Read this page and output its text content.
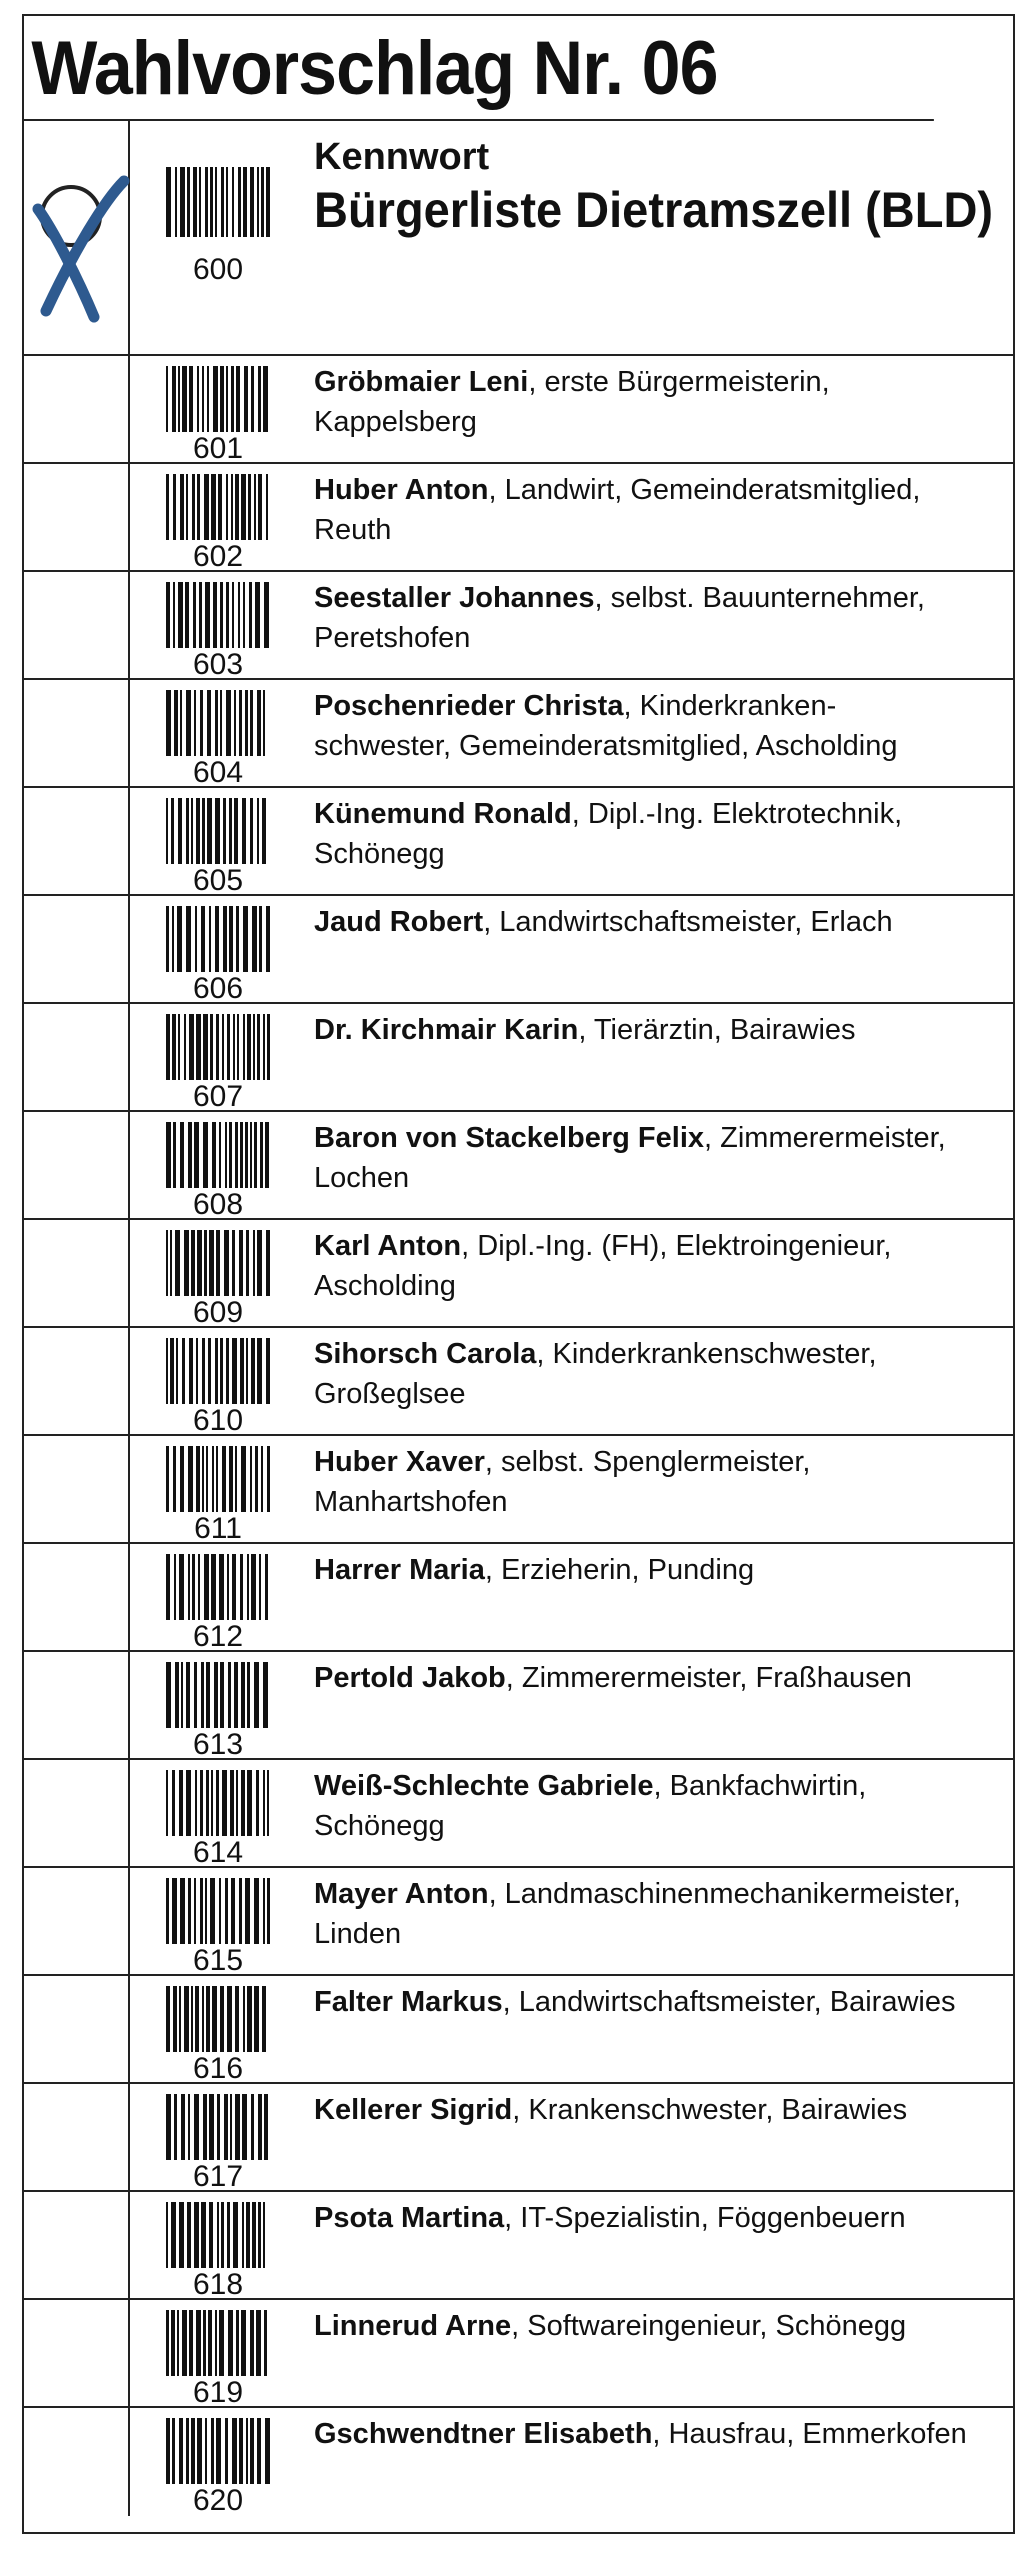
Wahlvorschlag Nr. 06
600
Kennwort
Bürgerliste Dietramszell (BLD)
601
Gröbmaier Leni, erste Bürgermeisterin,
Kappelsberg
602
Huber Anton, Landwirt, Gemeinderatsmitglied,
Reuth
603
Seestaller Johannes, selbst. Bauunternehmer,
Peretshofen
604
Poschenrieder Christa, Kinderkranken-
schwester, Gemeinderatsmitglied, Ascholding
605
Künemund Ronald, Dipl.-Ing. Elektrotechnik,
Schönegg
606
Jaud Robert, Landwirtschaftsmeister, Erlach

607
Dr. Kirchmair Karin, Tierärztin, Bairawies

608
Baron von Stackelberg Felix, Zimmerermeister,
Lochen
609
Karl Anton, Dipl.-Ing. (FH), Elektroingenieur,
Ascholding
610
Sihorsch Carola, Kinderkrankenschwester,
Großeglsee
611
Huber Xaver, selbst. Spenglermeister,
Manhartshofen
612
Harrer Maria, Erzieherin, Punding

613
Pertold Jakob, Zimmerermeister, Fraßhausen

614
Weiß-Schlechte Gabriele, Bankfachwirtin,
Schönegg
615
Mayer Anton, Landmaschinenmechanikermeister,
Linden
616
Falter Markus, Landwirtschaftsmeister, Bairawies

617
Kellerer Sigrid, Krankenschwester, Bairawies

618
Psota Martina, IT-Spezialistin, Föggenbeuern

619
Linnerud Arne, Softwareingenieur, Schönegg

620
Gschwendtner Elisabeth, Hausfrau, Emmerkofen
